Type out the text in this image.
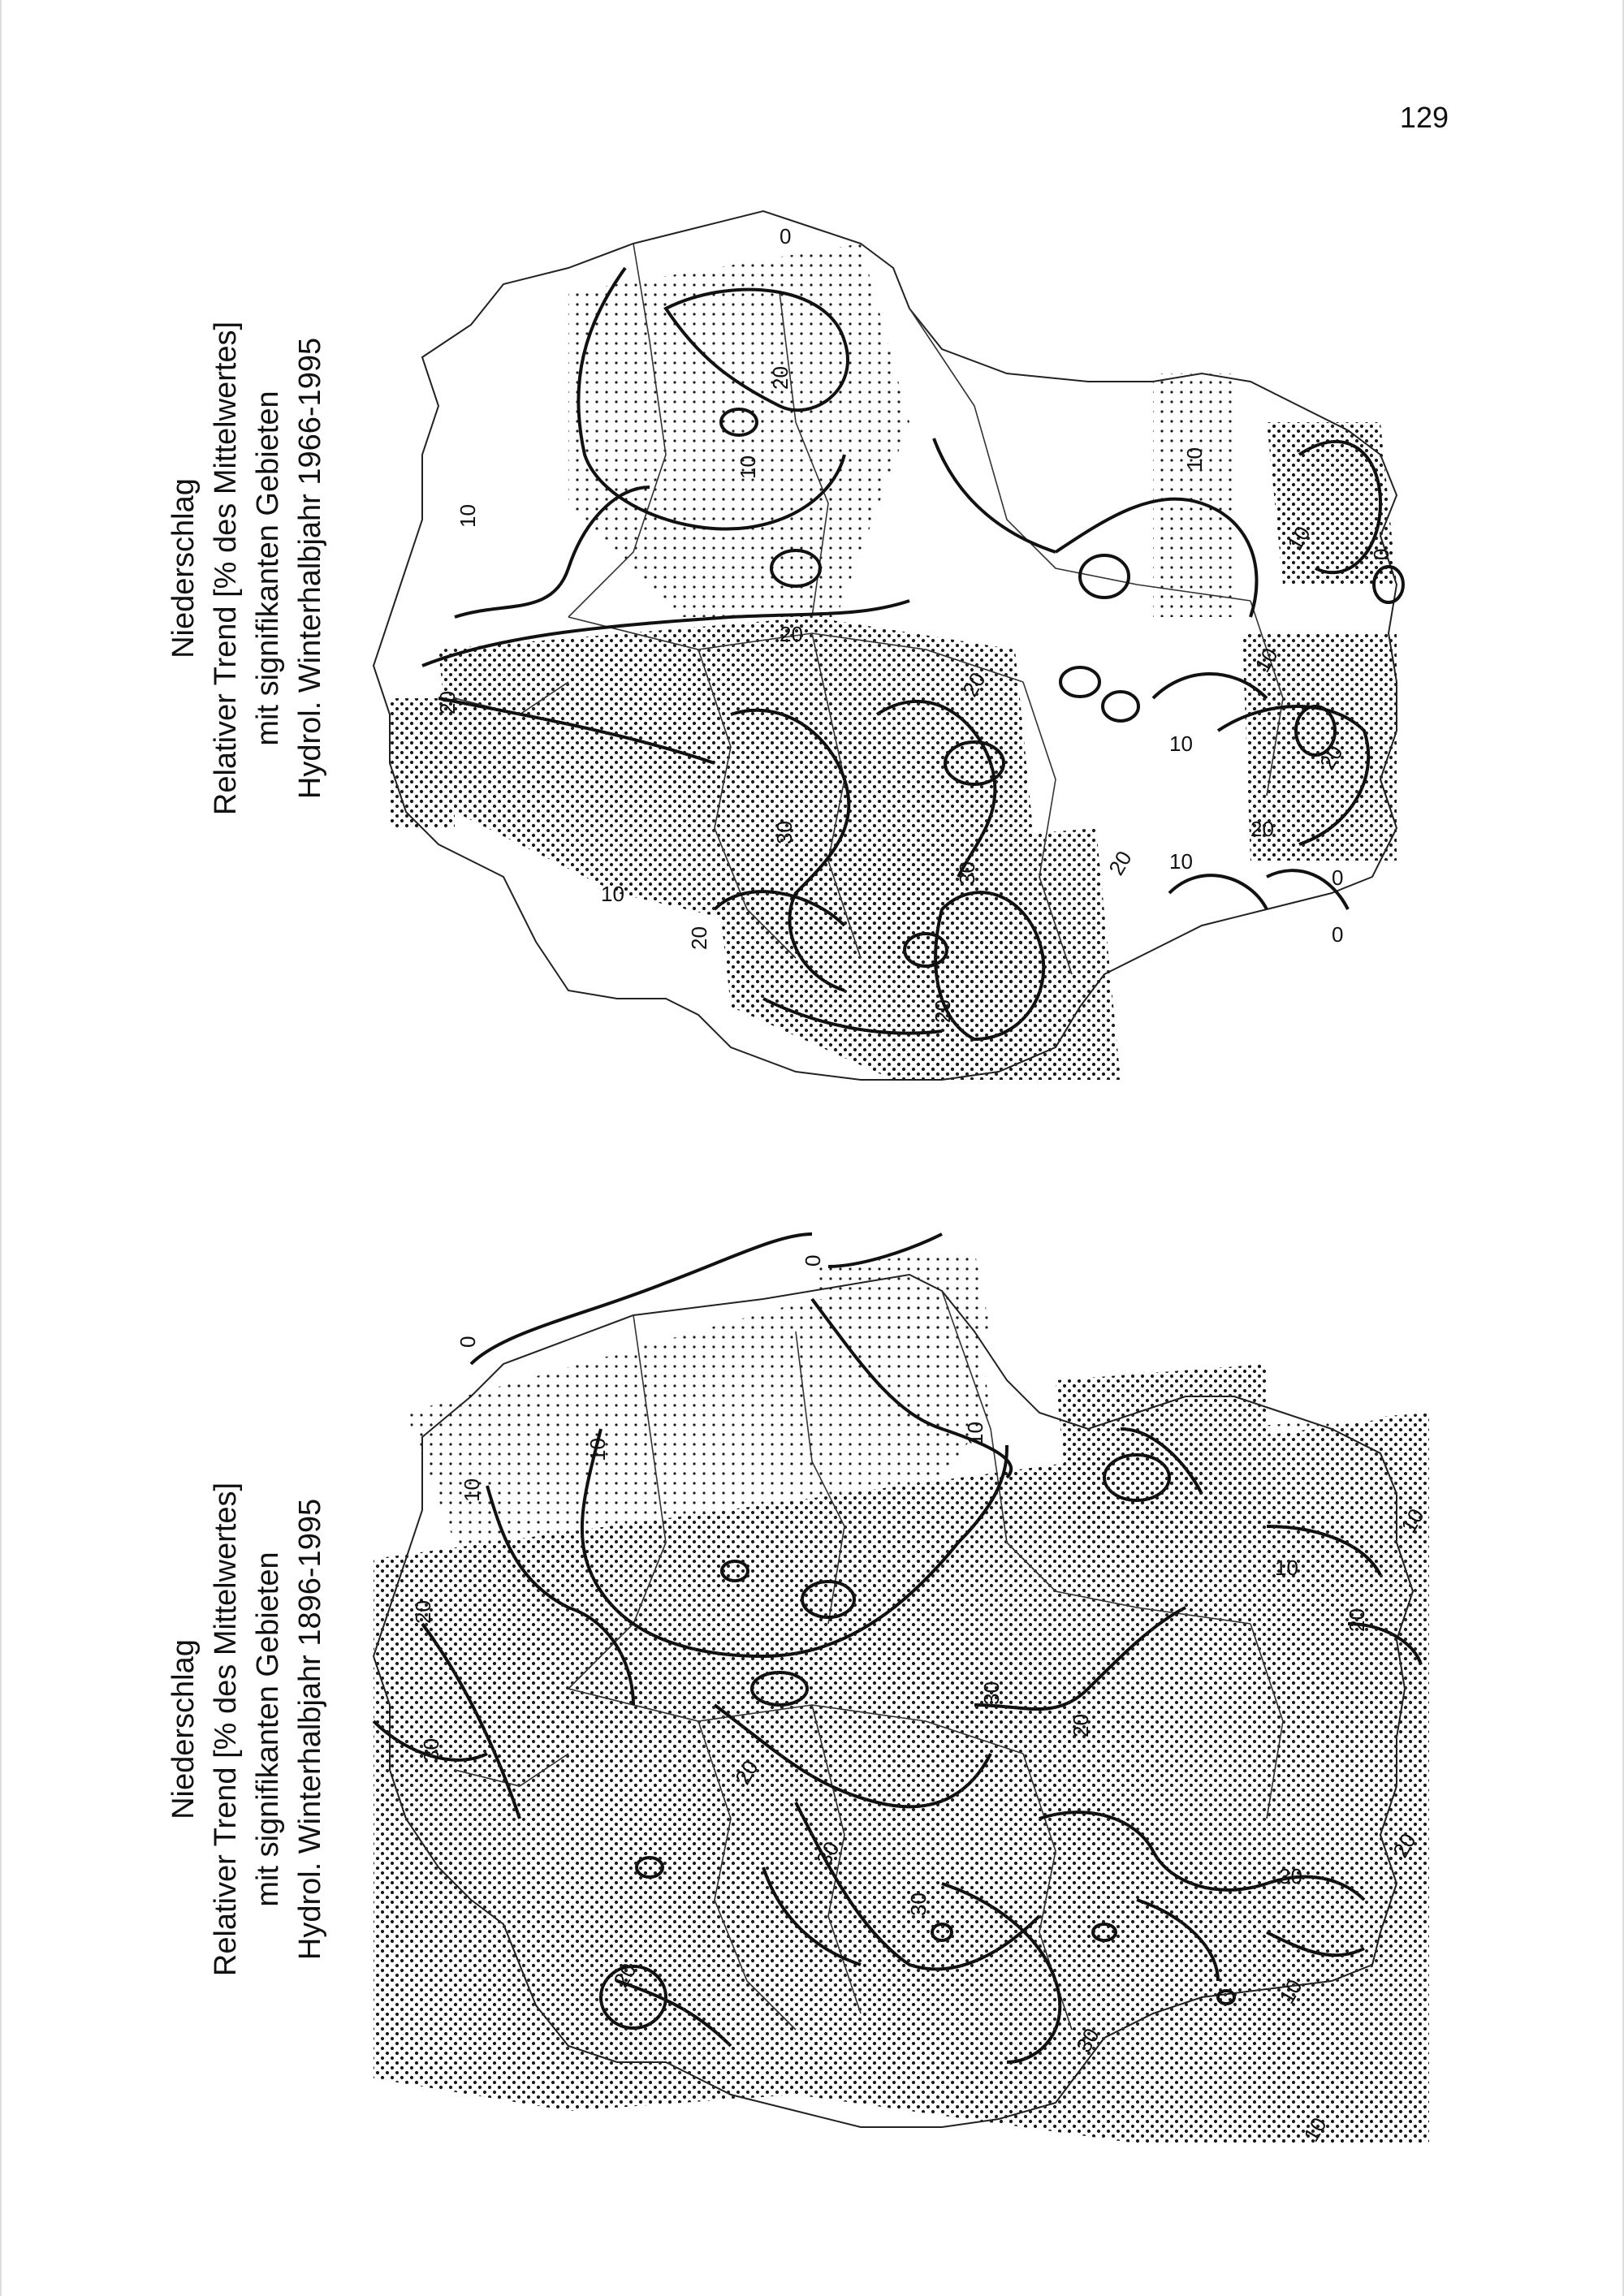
129
Niederschlag Relativer Trend [% des Mittelwertes] mit signifikanten Gebieten Hydrol. Winterhalbjahr 1966-1995
Niederschlag Relativer Trend [% des Mittelwertes] mit signifikanten Gebieten Hydrol. Winterhalbjahr 1896-1995
0
20
10
10
20
20
10
0
10
10
20
20
10
30
30
20
20
10
0
0
20
10
20
0
0
10
10
10
20
30
20
20
30
30
20
30
30
10
10
20
30
10
20
10
